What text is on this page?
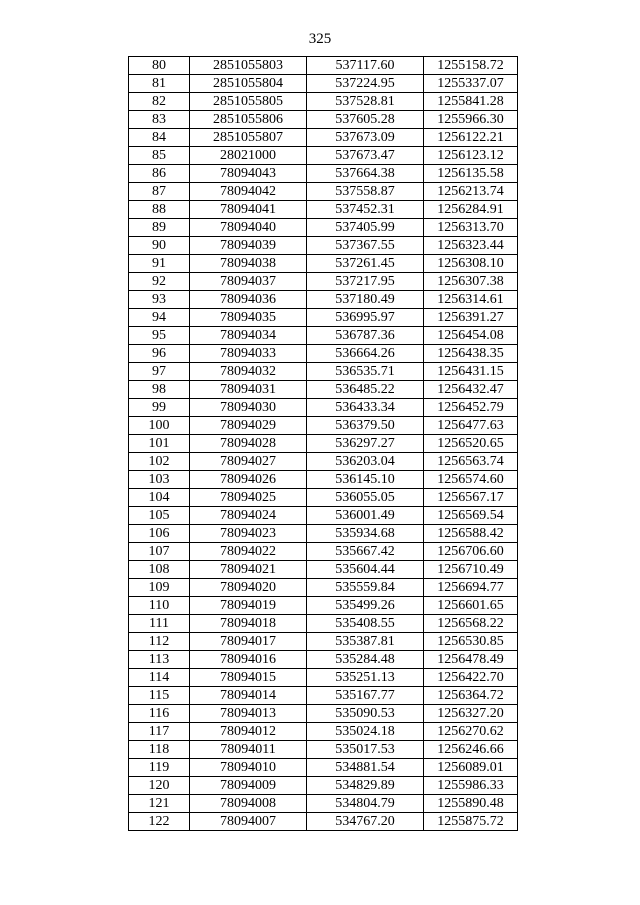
325
80	2851055803	537117.60	1255158.72
81	2851055804	537224.95	1255337.07
82	2851055805	537528.81	1255841.28
83	2851055806	537605.28	1255966.30
84	2851055807	537673.09	1256122.21
85	28021000	537673.47	1256123.12
86	78094043	537664.38	1256135.58
87	78094042	537558.87	1256213.74
88	78094041	537452.31	1256284.91
89	78094040	537405.99	1256313.70
90	78094039	537367.55	1256323.44
91	78094038	537261.45	1256308.10
92	78094037	537217.95	1256307.38
93	78094036	537180.49	1256314.61
94	78094035	536995.97	1256391.27
95	78094034	536787.36	1256454.08
96	78094033	536664.26	1256438.35
97	78094032	536535.71	1256431.15
98	78094031	536485.22	1256432.47
99	78094030	536433.34	1256452.79
100	78094029	536379.50	1256477.63
101	78094028	536297.27	1256520.65
102	78094027	536203.04	1256563.74
103	78094026	536145.10	1256574.60
104	78094025	536055.05	1256567.17
105	78094024	536001.49	1256569.54
106	78094023	535934.68	1256588.42
107	78094022	535667.42	1256706.60
108	78094021	535604.44	1256710.49
109	78094020	535559.84	1256694.77
110	78094019	535499.26	1256601.65
111	78094018	535408.55	1256568.22
112	78094017	535387.81	1256530.85
113	78094016	535284.48	1256478.49
114	78094015	535251.13	1256422.70
115	78094014	535167.77	1256364.72
116	78094013	535090.53	1256327.20
117	78094012	535024.18	1256270.62
118	78094011	535017.53	1256246.66
119	78094010	534881.54	1256089.01
120	78094009	534829.89	1255986.33
121	78094008	534804.79	1255890.48
122	78094007	534767.20	1255875.72
